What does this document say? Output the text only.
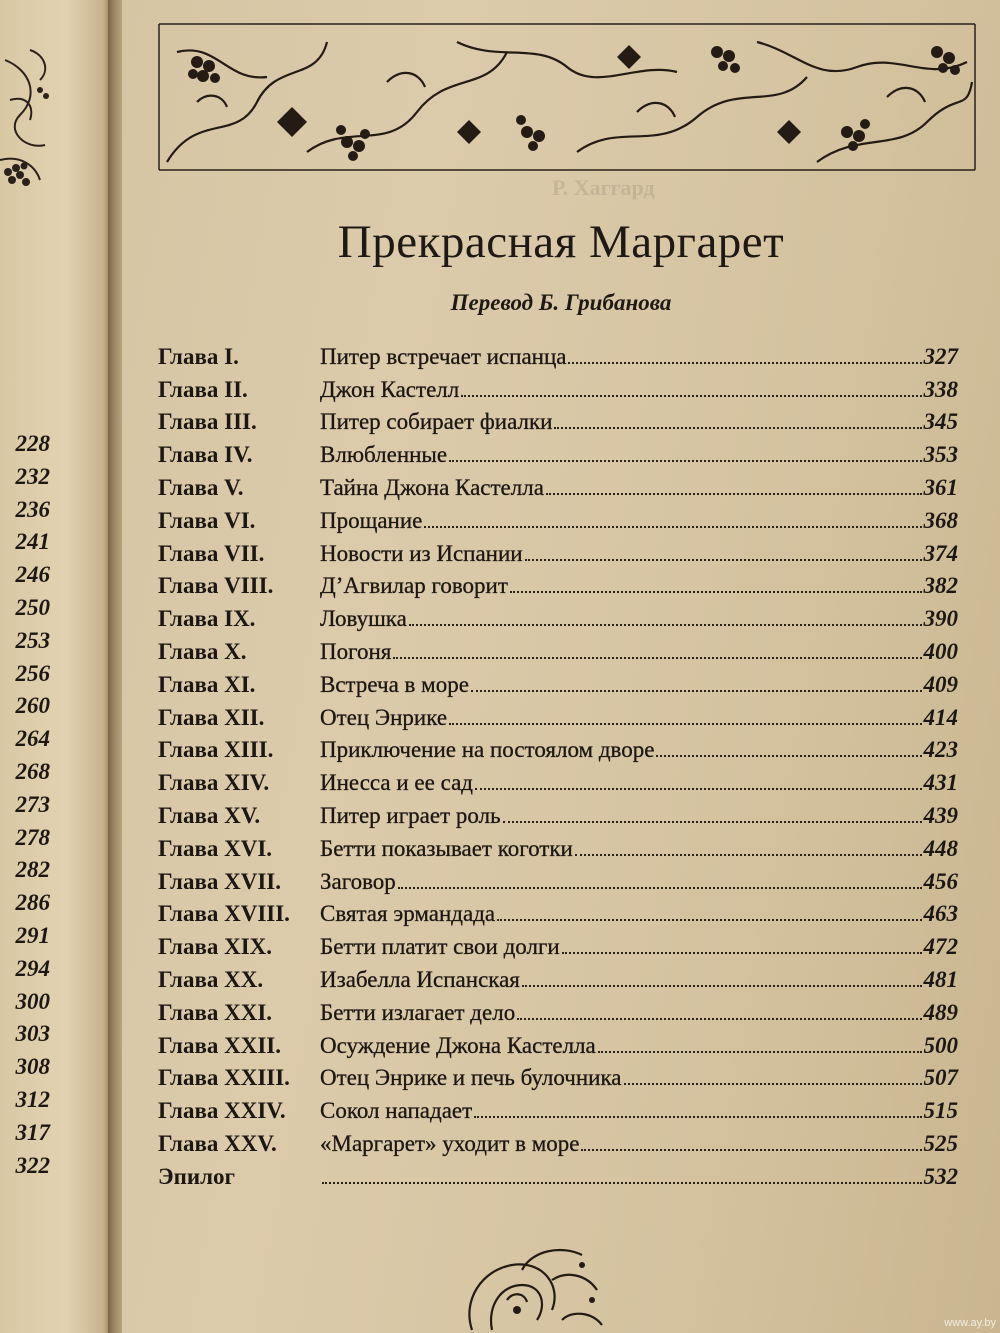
228
232
236
241
246
250
253
256
260
264
268
273
278
282
286
291
294
300
303
308
312
317
322
Р. Хаггард
Прекрасная Маргарет
Перевод Б. Грибанова
Глава I.	Питер встречает испанца	327
Глава II.	Джон Кастелл	338
Глава III.	Питер собирает фиалки	345
Глава IV.	Влюбленные	353
Глава V.	Тайна Джона Кастелла	361
Глава VI.	Прощание	368
Глава VII.	Новости из Испании	374
Глава VIII.	Д’Агвилар говорит	382
Глава IX.	Ловушка	390
Глава X.	Погоня	400
Глава XI.	Встреча в море	409
Глава XII.	Отец Энрике	414
Глава XIII.	Приключение на постоялом дворе	423
Глава XIV.	Инесса и ее сад	431
Глава XV.	Питер играет роль	439
Глава XVI.	Бетти показывает коготки	448
Глава XVII.	Заговор	456
Глава XVIII.	Святая эрмандада	463
Глава XIX.	Бетти платит свои долги	472
Глава XX.	Изабелла Испанская	481
Глава XXI.	Бетти излагает дело	489
Глава XXII.	Осуждение Джона Кастелла	500
Глава XXIII.	Отец Энрике и печь булочника	507
Глава XXIV.	Сокол нападает	515
Глава XXV.	«Маргарет» уходит в море	525
Эпилог	532
www.ay.by
